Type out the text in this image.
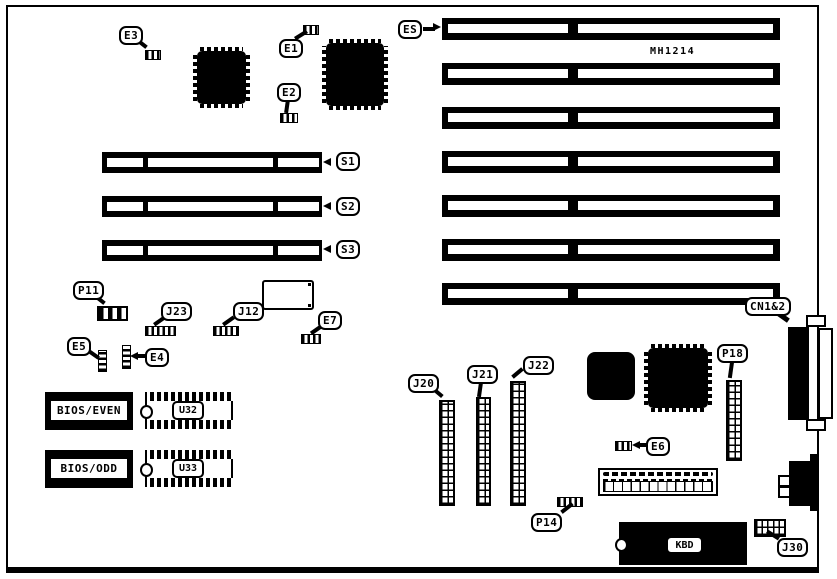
E3
E1
E2
ES
MH1214
S1
S2
S3
P11
J23	J12
E7
E5
E4
BIOS/EVEN	U32
BIOS/ODD	U33
J20
J21
J22
P18
E6
P14
KBD
CN1&2
J30
